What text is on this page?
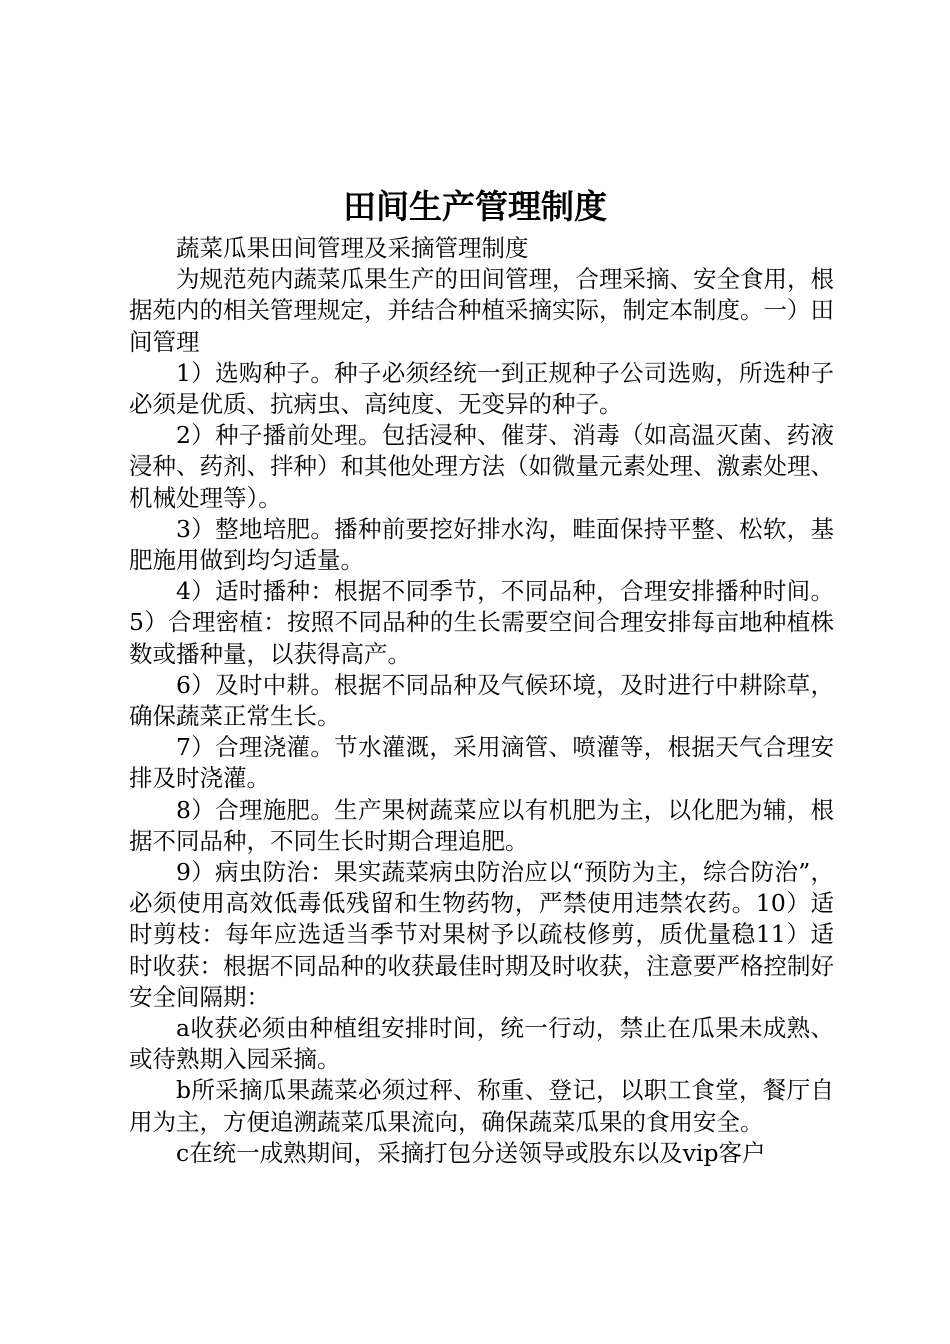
田间生产管理制度

蔬菜瓜果田间管理及采摘管理制度

为规范苑内蔬菜瓜果生产的田间管理，合理采摘、安全食用，根据苑内的相关管理规定，并结合种植采摘实际，制定本制度。一）田间管理

1）选购种子。种子必须经统一到正规种子公司选购，所选种子必须是优质、抗病虫、高纯度、无变异的种子。

2）种子播前处理。包括浸种、催芽、消毒（如高温灭菌、药液浸种、药剂、拌种）和其他处理方法（如微量元素处理、激素处理、机械处理等）。

3）整地培肥。播种前要挖好排水沟，畦面保持平整、松软，基肥施用做到均匀适量。

4）适时播种：根据不同季节，不同品种，合理安排播种时间。5）合理密植：按照不同品种的生长需要空间合理安排每亩地种植株数或播种量，以获得高产。

6）及时中耕。根据不同品种及气候环境，及时进行中耕除草，确保蔬菜正常生长。

7）合理浇灌。节水灌溉，采用滴管、喷灌等，根据天气合理安排及时浇灌。

8）合理施肥。生产果树蔬菜应以有机肥为主，以化肥为辅，根据不同品种，不同生长时期合理追肥。

9）病虫防治：果实蔬菜病虫防治应以“预防为主，综合防治”，必须使用高效低毒低残留和生物药物，严禁使用违禁农药。10）适时剪枝：每年应选适当季节对果树予以疏枝修剪，质优量稳11）适时收获：根据不同品种的收获最佳时期及时收获，注意要严格控制好安全间隔期：

a收获必须由种植组安排时间，统一行动，禁止在瓜果未成熟、或待熟期入园采摘。

b所采摘瓜果蔬菜必须过秤、称重、登记，以职工食堂，餐厅自用为主，方便追溯蔬菜瓜果流向，确保蔬菜瓜果的食用安全。

c在统一成熟期间，采摘打包分送领导或股东以及vip客户
